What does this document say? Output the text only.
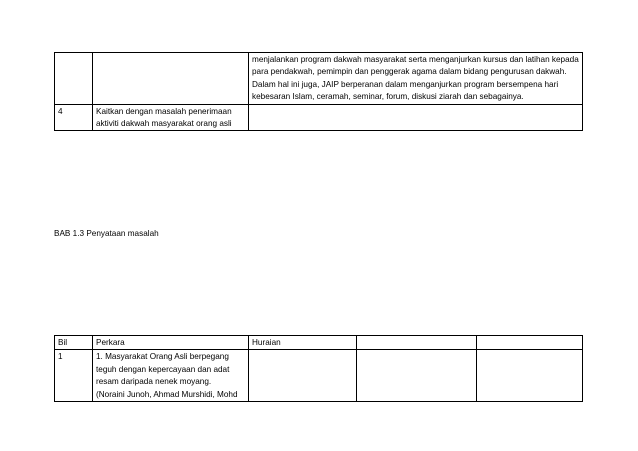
		menjalankan program dakwah masyarakat serta menganjurkan kursus dan latihan kepada
para pendakwah, pemimpin dan penggerak agama dalam bidang pengurusan dakwah.
Dalam hal ini juga, JAIP berperanan dalam menganjurkan program bersempena hari
kebesaran Islam, ceramah, seminar, forum, diskusi ziarah dan sebagainya.

4	Kaitkan dengan masalah penerimaan
aktiviti dakwah masyarakat orang asli	

BAB 1.3 Penyataan masalah
Bil	Perkara	Huraian		
1	1. Masyarakat Orang Asli berpegang
teguh dengan kepercayaan dan adat
resam daripada nenek moyang.
(Noraini Junoh, Ahmad Murshidi, Mohd			
